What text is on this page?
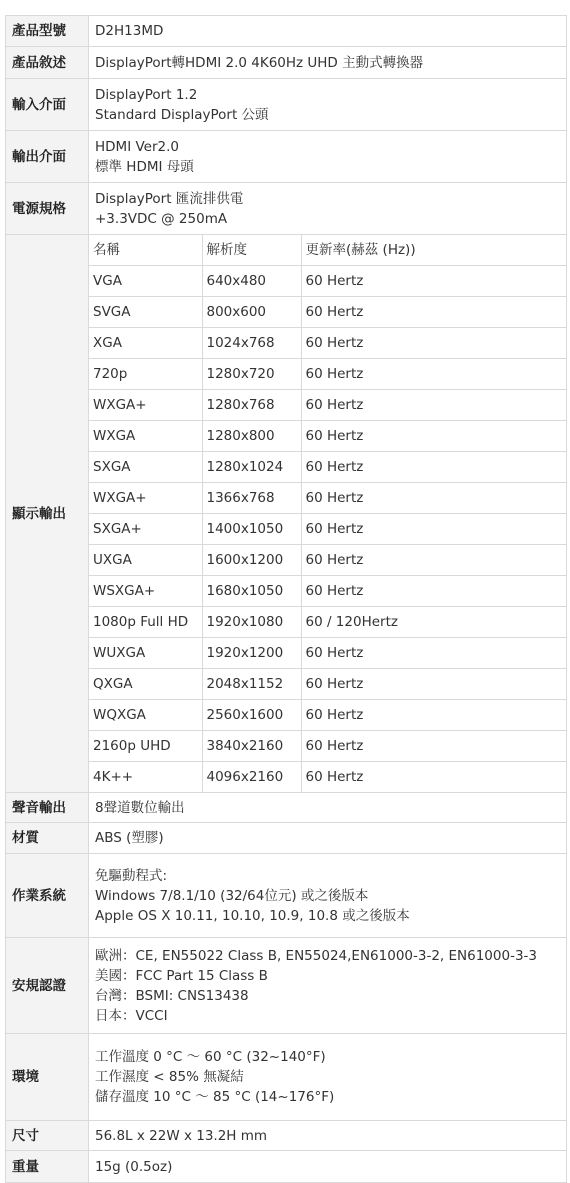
產品型號	D2H13MD

產品敘述	DisplayPort轉HDMI 2.0 4K60Hz UHD 主動式轉換器

輸入介面	
DisplayPort 1.2
Standard DisplayPort 公頭

輸出介面	
HDMI Ver2.0
標準 HDMI 母頭

電源規格	
DisplayPort 匯流排供電
+3.3VDC @ 250mA

顯示輸出	
名稱	解析度	更新率(赫茲 (Hz))
VGA	640x480	60 Hertz
SVGA	800x600	60 Hertz
XGA	1024x768	60 Hertz
720p	1280x720	60 Hertz
WXGA+	1280x768	60 Hertz
WXGA	1280x800	60 Hertz
SXGA	1280x1024	60 Hertz
WXGA+	1366x768	60 Hertz
SXGA+	1400x1050	60 Hertz
UXGA	1600x1200	60 Hertz
WSXGA+	1680x1050	60 Hertz
1080p Full HD	1920x1080	60 / 120Hertz
WUXGA	1920x1200	60 Hertz
QXGA	2048x1152	60 Hertz
WQXGA	2560x1600	60 Hertz
2160p UHD	3840x2160	60 Hertz
4K++	4096x2160	60 Hertz

聲音輸出	8聲道數位輸出

材質	ABS (塑膠)

作業系統	
免驅動程式:
Windows 7/8.1/10 (32/64位元) 或之後版本
Apple OS X 10.11, 10.10, 10.9, 10.8 或之後版本

安規認證	
歐洲：CE, EN55022 Class B, EN55024,EN61000-3-2, EN61000-3-3
美國：FCC Part 15 Class B
台灣：BSMI: CNS13438
日本：VCCI

環境	
工作溫度 0 °C ～ 60 °C (32~140°F)
工作濕度 < 85% 無凝結
儲存溫度 10 °C ～ 85 °C (14~176°F)

尺寸	56.8L x 22W x 13.2H mm

重量	15g (0.5oz)
